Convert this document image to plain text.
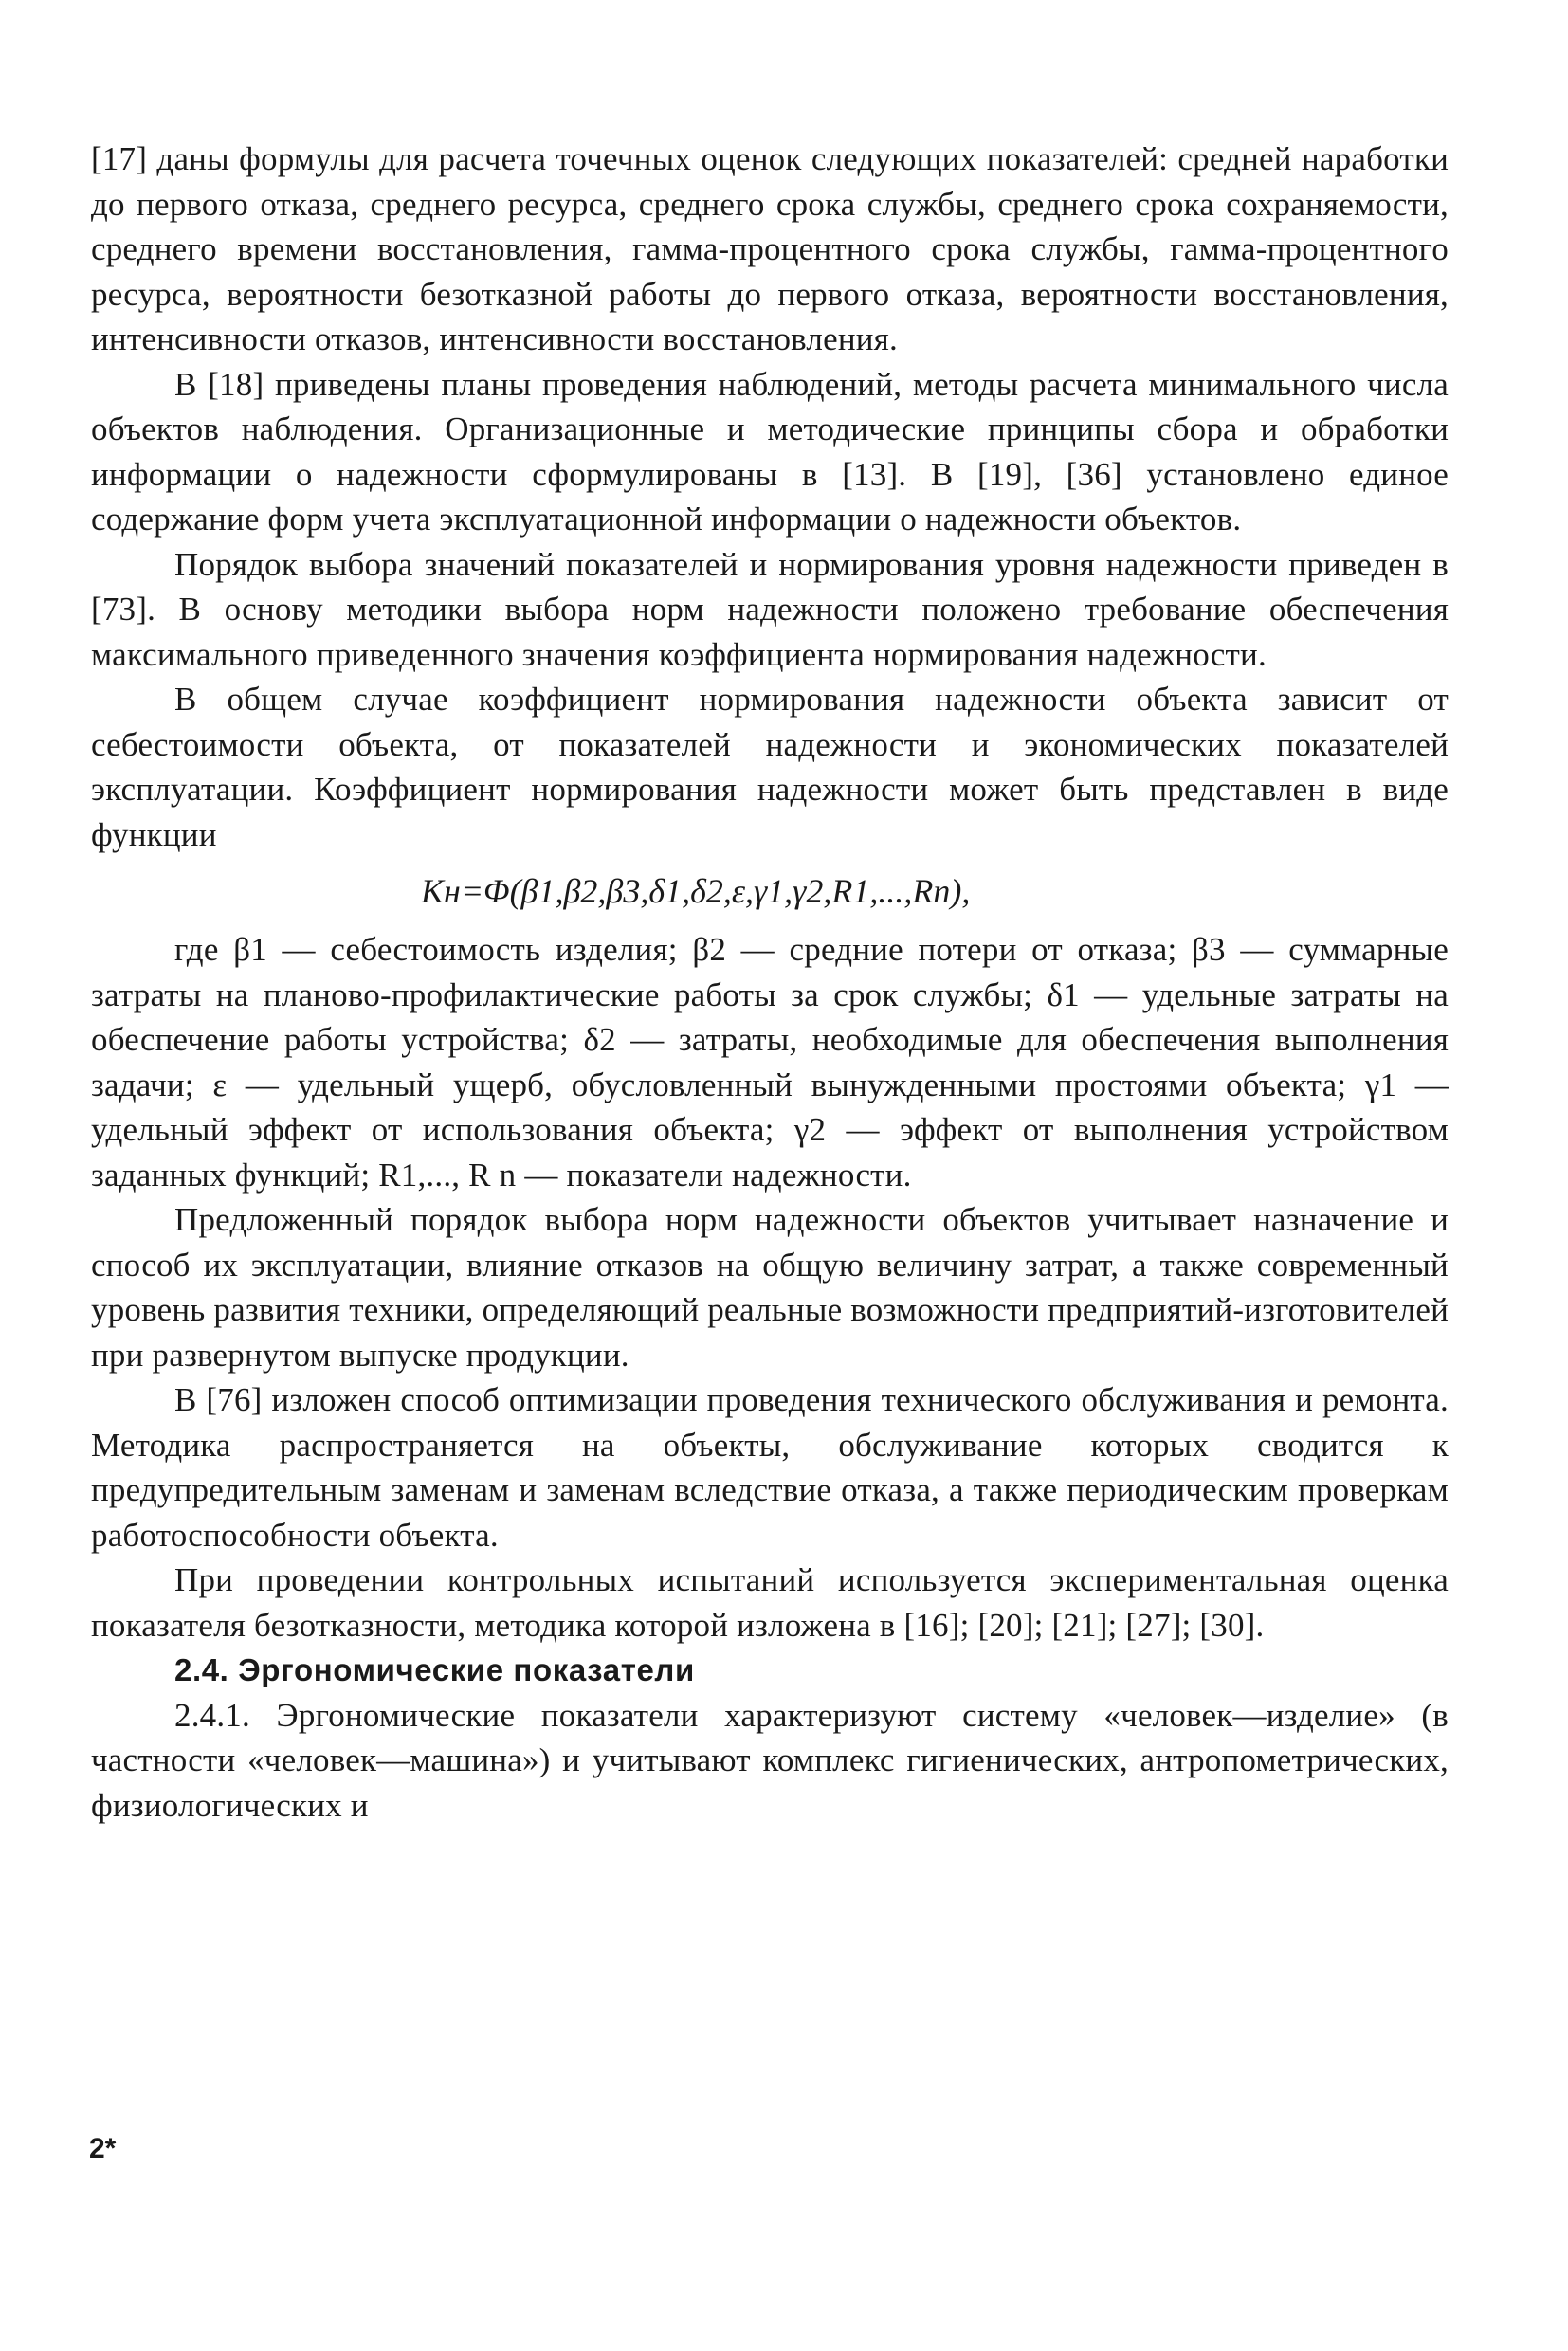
[17] даны формулы для расчета точечных оценок следующих показателей: средней наработки до первого отказа, среднего ресурса, среднего срока службы, среднего срока сохраняемости, среднего времени восстановления, гамма-процентного срока службы, гамма-процентного ресурса, вероятности безотказной работы до первого отказа, вероятности восстановления, интенсивности отказов, интенсивности восстановления.

В [18] приведены планы проведения наблюдений, методы расчета минимального числа объектов наблюдения. Организационные и методические принципы сбора и обработки информации о надежности сформулированы в [13]. В [19], [36] установлено единое содержание форм учета эксплуатационной информации о надежности объектов.

Порядок выбора значений показателей и нормирования уровня надежности приведен в [73]. В основу методики выбора норм надежности положено требование обеспечения максимального приведенного значения коэффициента нормирования надежности.

В общем случае коэффициент нормирования надежности объекта зависит от себестоимости объекта, от показателей надежности и экономических показателей эксплуатации. Коэффициент нормирования надежности может быть представлен в виде функции

Kн=Φ(β1,β2,β3,δ1,δ2,ε,γ1,γ2,R1,...,Rn),

где β1 — себестоимость изделия; β2 — средние потери от отказа; β3 — суммарные затраты на планово-профилактические работы за срок службы; δ1 — удельные затраты на обеспечение работы устройства; δ2 — затраты, необходимые для обеспечения выполнения задачи; ε — удельный ущерб, обусловленный вынужденными простоями объекта; γ1 — удельный эффект от использования объекта; γ2 — эффект от выполнения устройством заданных функций; R1,..., R n — показатели надежности.

Предложенный порядок выбора норм надежности объектов учитывает назначение и способ их эксплуатации, влияние отказов на общую величину затрат, а также современный уровень развития техники, определяющий реальные возможности предприятий-изготовителей при развернутом выпуске продукции.

В [76] изложен способ оптимизации проведения технического обслуживания и ремонта. Методика распространяется на объекты, обслуживание которых сводится к предупредительным заменам и заменам вследствие отказа, а также периодическим проверкам работоспособности объекта.

При проведении контрольных испытаний используется экспериментальная оценка показателя безотказности, методика которой изложена в [16]; [20]; [21]; [27]; [30].

2.4. Эргономические показатели

2.4.1. Эргономические показатели характеризуют систему «человек—изделие» (в частности «человек—машина») и учитывают комплекс гигиенических, антропометрических, физиологических и

2*
